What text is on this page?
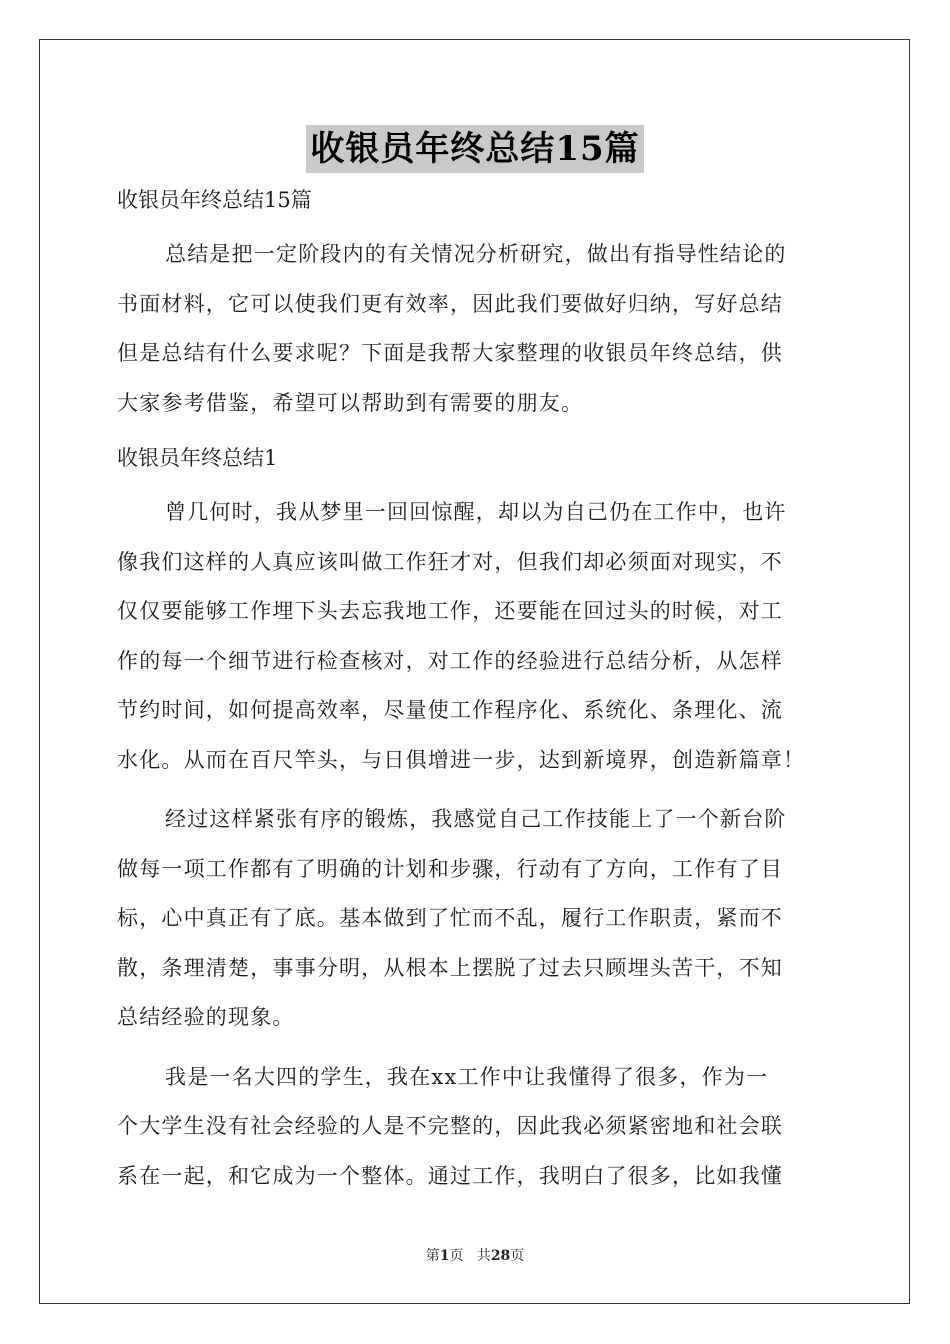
收银员年终总结15篇
收银员年终总结15篇
总结是把一定阶段内的有关情况分析研究，做出有指导性结论的
书面材料，它可以使我们更有效率，因此我们要做好归纳，写好总结
但是总结有什么要求呢？下面是我帮大家整理的收银员年终总结，供
大家参考借鉴，希望可以帮助到有需要的朋友。
收银员年终总结1
曾几何时，我从梦里一回回惊醒，却以为自己仍在工作中，也许
像我们这样的人真应该叫做工作狂才对，但我们却必须面对现实，不
仅仅要能够工作埋下头去忘我地工作，还要能在回过头的时候，对工
作的每一个细节进行检查核对，对工作的经验进行总结分析，从怎样
节约时间，如何提高效率，尽量使工作程序化、系统化、条理化、流
水化。从而在百尺竿头，与日俱增进一步，达到新境界，创造新篇章！
经过这样紧张有序的锻炼，我感觉自己工作技能上了一个新台阶
做每一项工作都有了明确的计划和步骤，行动有了方向，工作有了目
标，心中真正有了底。基本做到了忙而不乱，履行工作职责，紧而不
散，条理清楚，事事分明，从根本上摆脱了过去只顾埋头苦干，不知
总结经验的现象。
我是一名大四的学生，我在xx工作中让我懂得了很多，作为一
个大学生没有社会经验的人是不完整的，因此我必须紧密地和社会联
系在一起，和它成为一个整体。通过工作，我明白了很多，比如我懂
第1页 共28页
